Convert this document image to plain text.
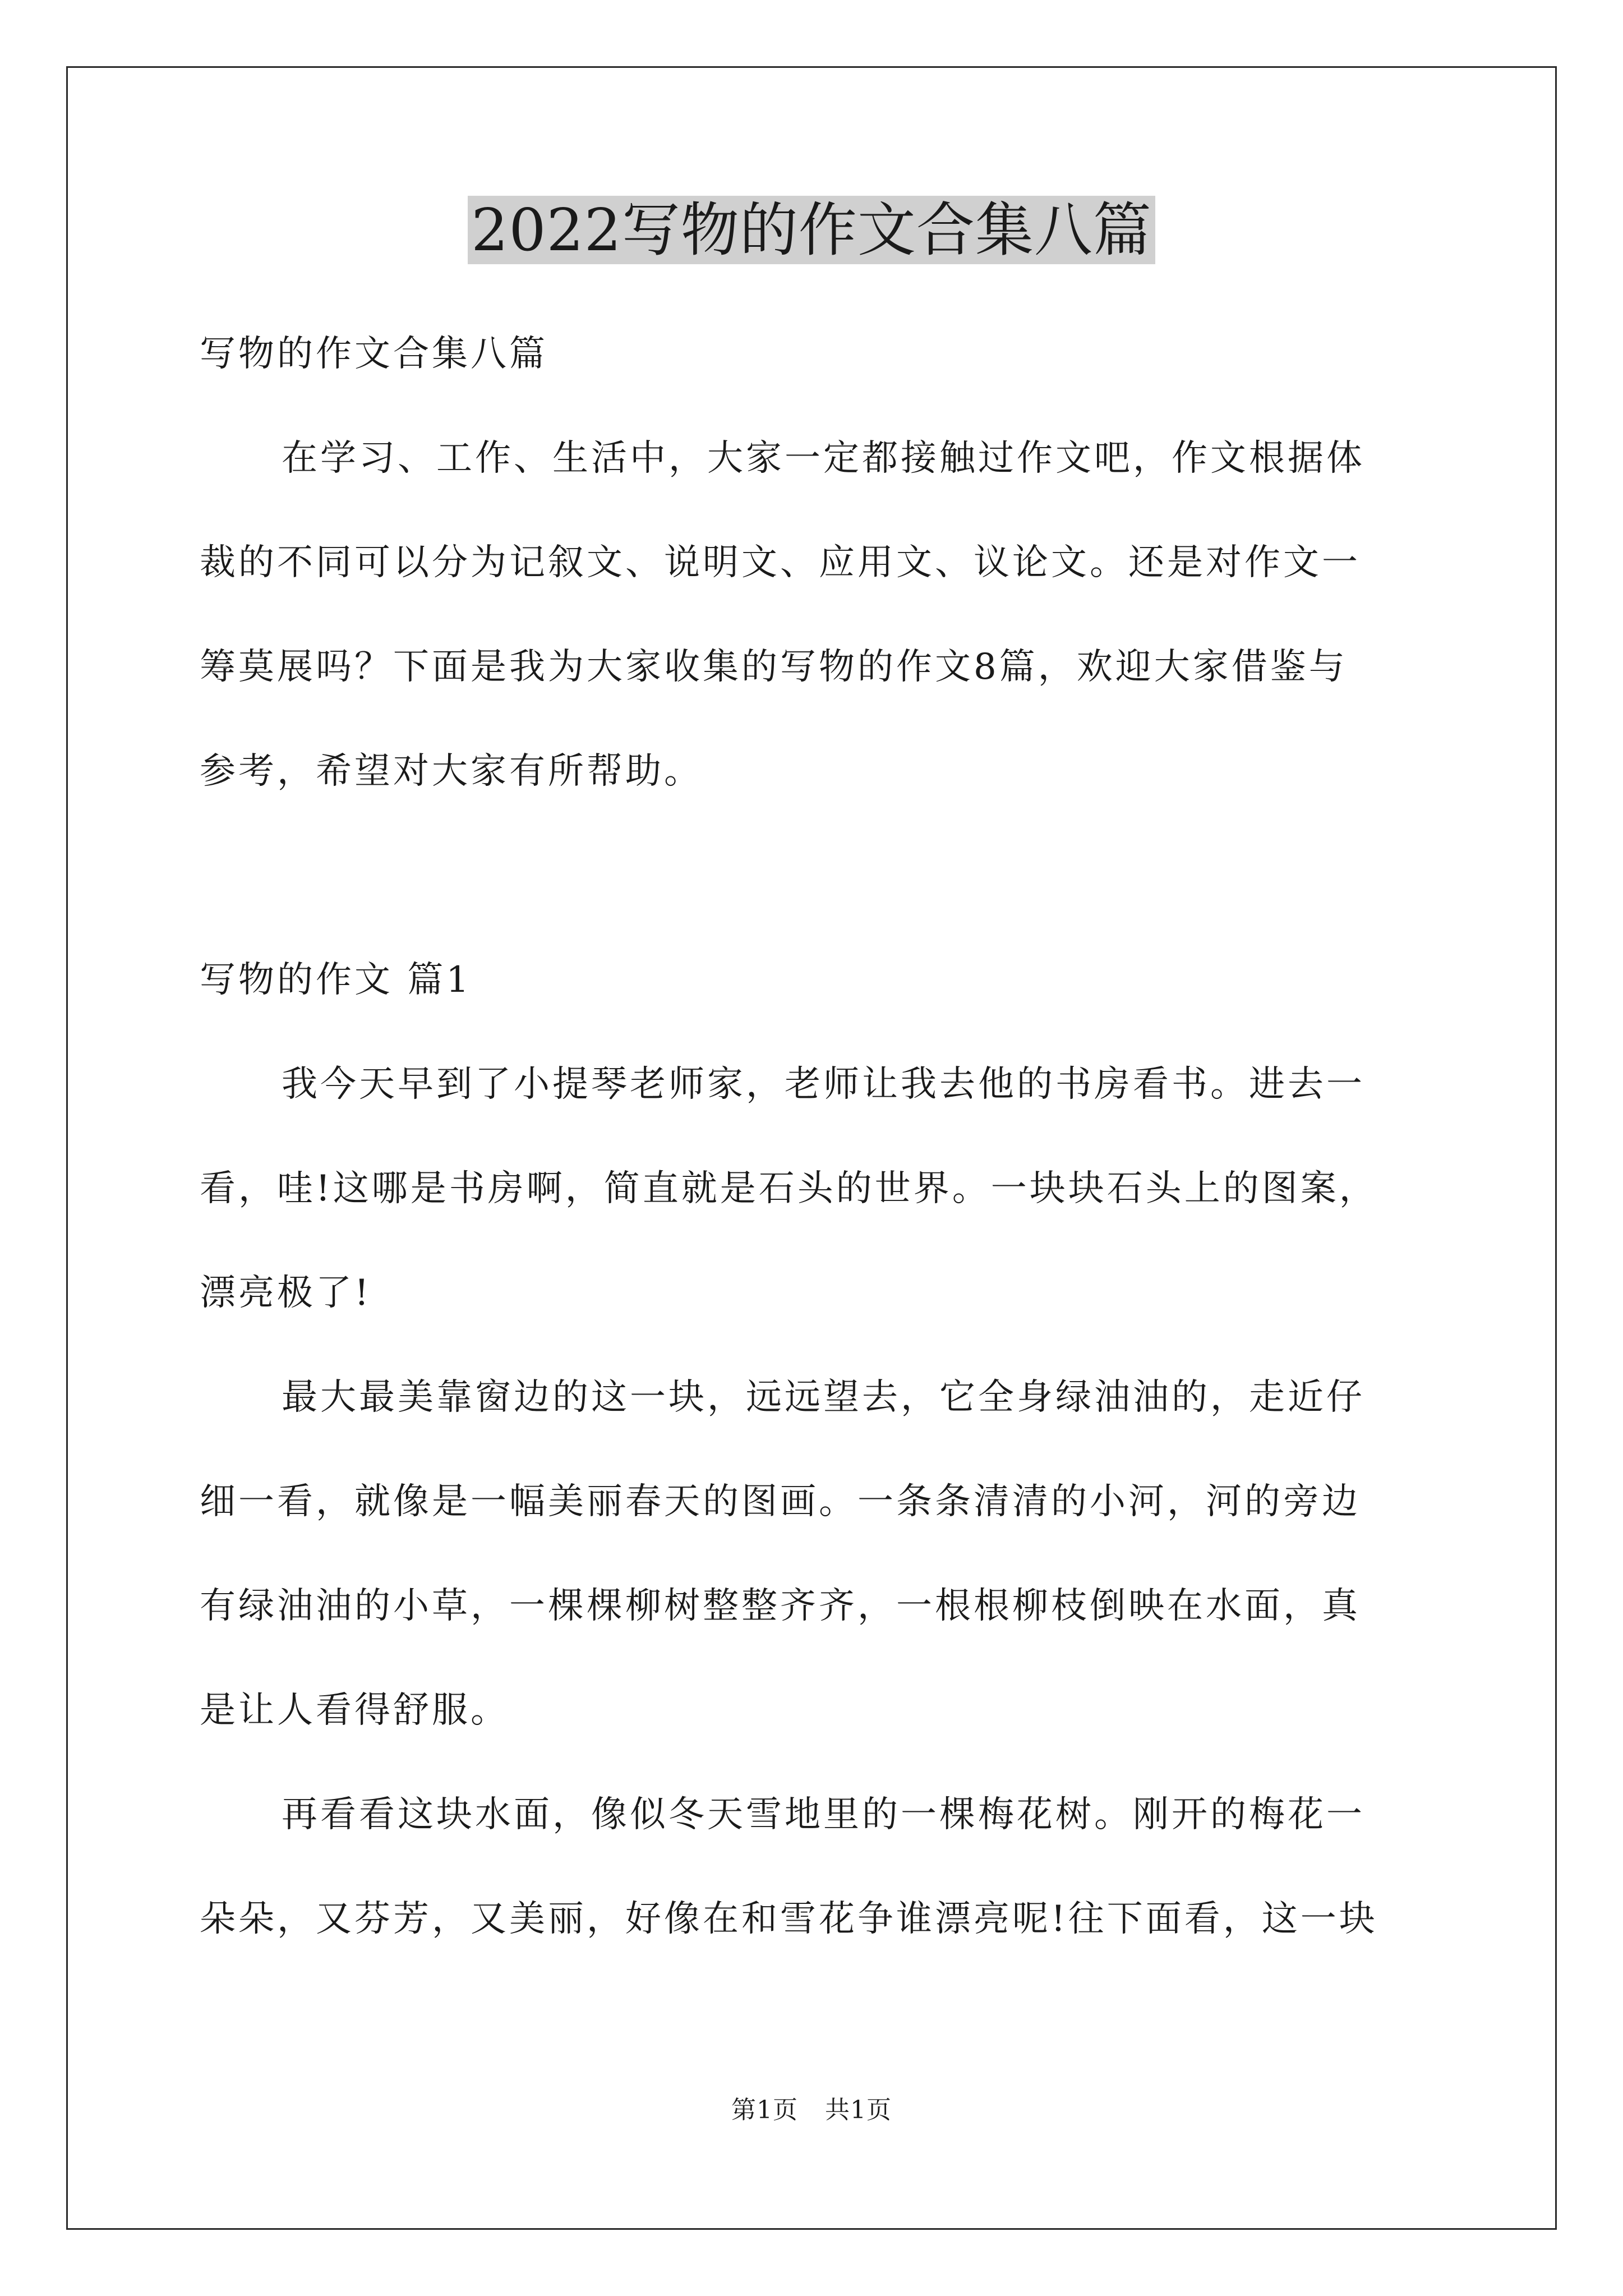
2022写物的作文合集八篇

写物的作文合集八篇

在学习、工作、生活中，大家一定都接触过作文吧，作文根据体

裁的不同可以分为记叙文、说明文、应用文、议论文。还是对作文一

筹莫展吗？下面是我为大家收集的写物的作文8篇，欢迎大家借鉴与

参考，希望对大家有所帮助。

写物的作文 篇1

我今天早到了小提琴老师家，老师让我去他的书房看书。进去一

看，哇!这哪是书房啊，简直就是石头的世界。一块块石头上的图案，

漂亮极了!

最大最美靠窗边的这一块，远远望去，它全身绿油油的，走近仔

细一看，就像是一幅美丽春天的图画。一条条清清的小河，河的旁边

有绿油油的小草，一棵棵柳树整整齐齐，一根根柳枝倒映在水面，真

是让人看得舒服。

再看看这块水面，像似冬天雪地里的一棵梅花树。刚开的梅花一

朵朵，又芬芳，又美丽，好像在和雪花争谁漂亮呢!往下面看，这一块

第1页 共1页
